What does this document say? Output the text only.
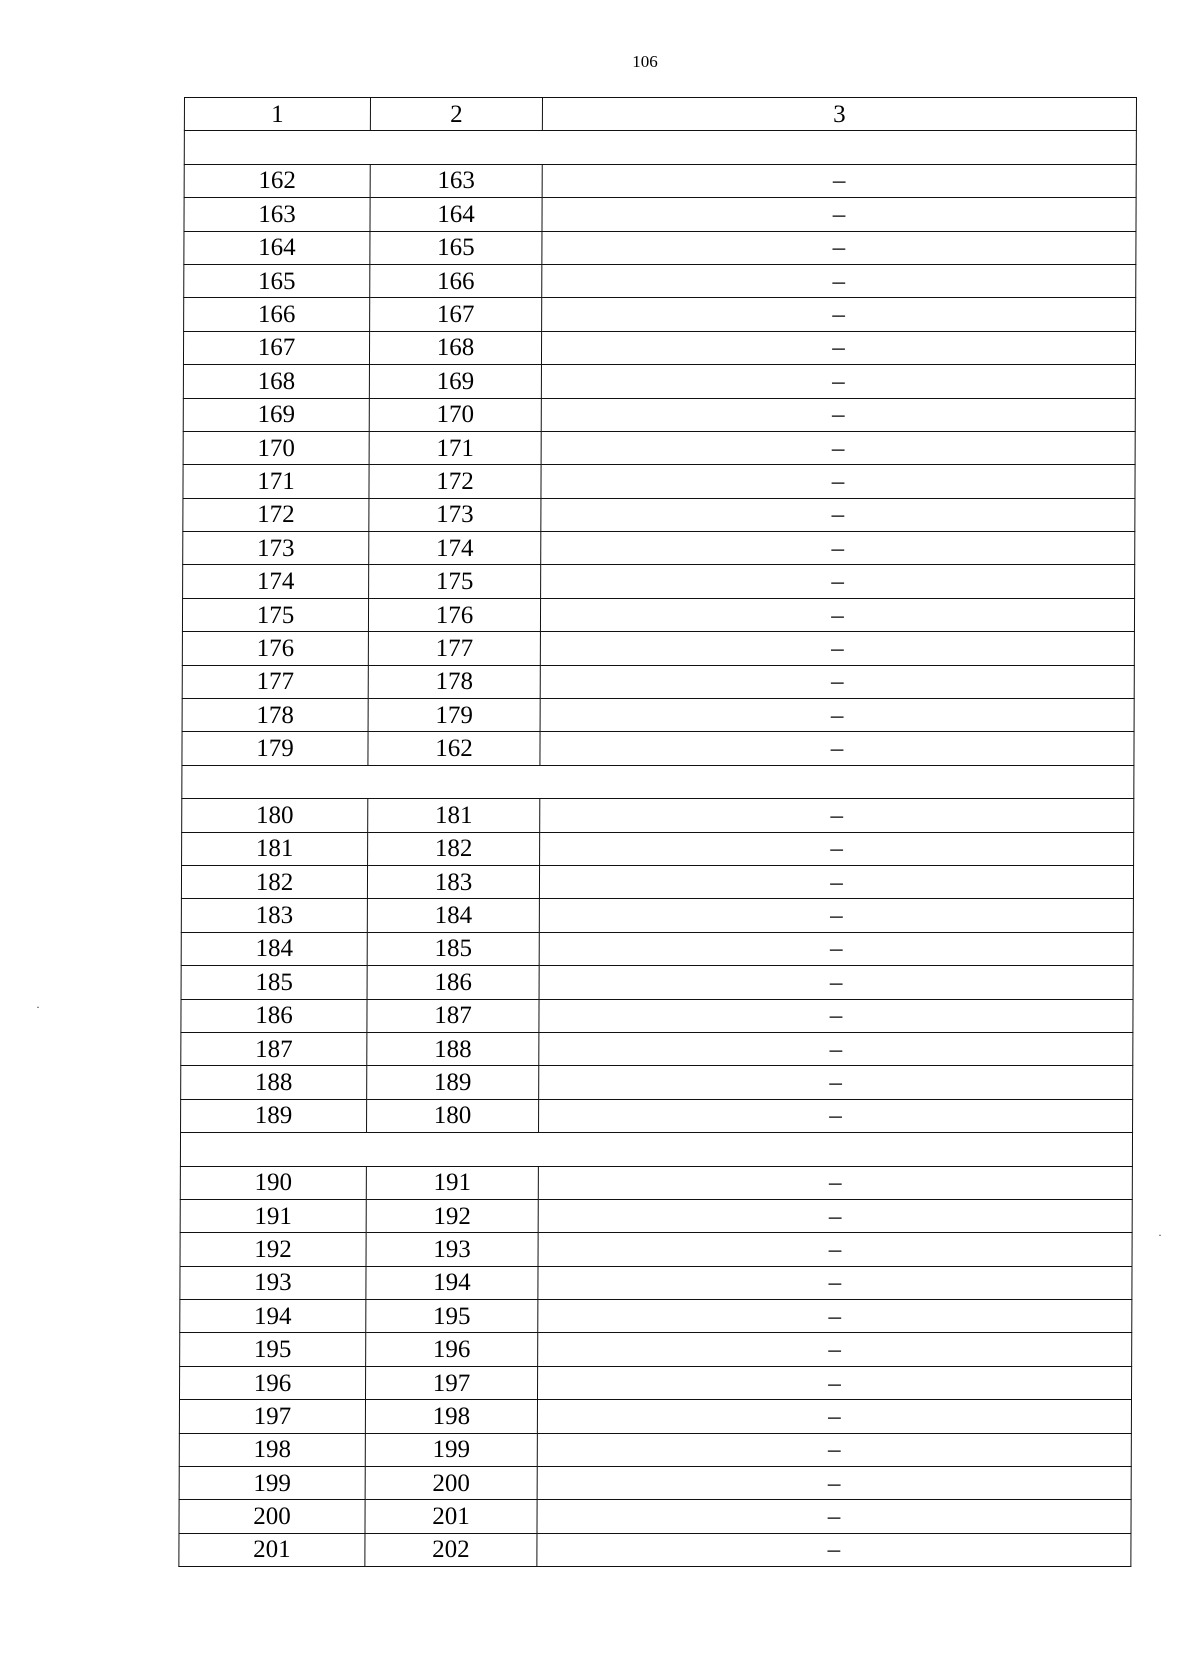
106
·
·
1	2	3

162	163	–
163	164	–
164	165	–
165	166	–
166	167	–
167	168	–
168	169	–
169	170	–
170	171	–
171	172	–
172	173	–
173	174	–
174	175	–
175	176	–
176	177	–
177	178	–
178	179	–
179	162	–

180	181	–
181	182	–
182	183	–
183	184	–
184	185	–
185	186	–
186	187	–
187	188	–
188	189	–
189	180	–

190	191	–
191	192	–
192	193	–
193	194	–
194	195	–
195	196	–
196	197	–
197	198	–
198	199	–
199	200	–
200	201	–
201	202	–
